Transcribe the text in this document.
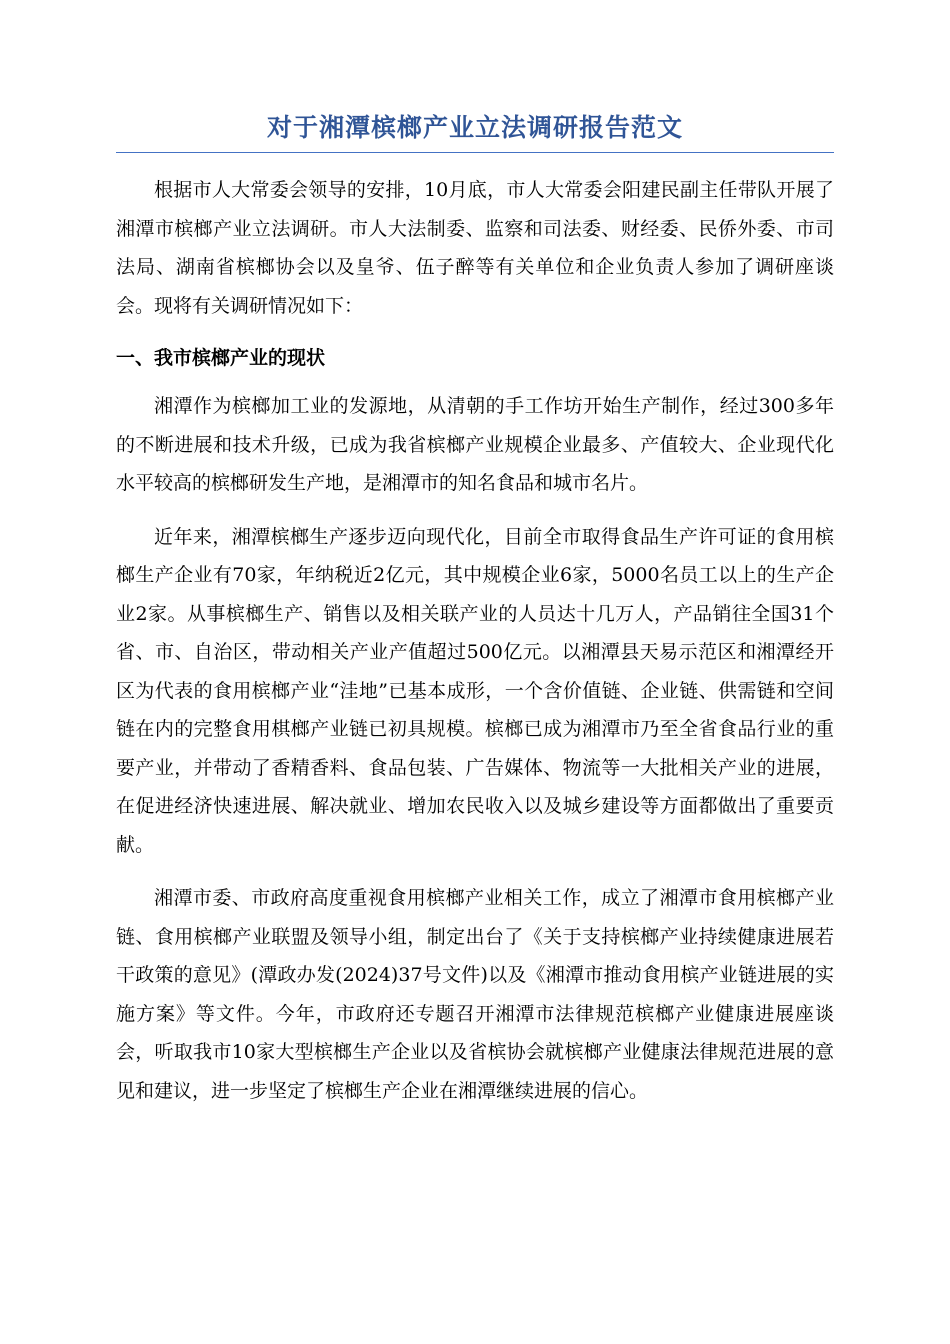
对于湘潭槟榔产业立法调研报告范文

根据市人大常委会领导的安排，10月底，市人大常委会阳建民副主任带队开展了湘潭市槟榔产业立法调研。市人大法制委、监察和司法委、财经委、民侨外委、市司法局、湖南省槟榔协会以及皇爷、伍子醉等有关单位和企业负责人参加了调研座谈会。现将有关调研情况如下：

一、我市槟榔产业的现状

湘潭作为槟榔加工业的发源地，从清朝的手工作坊开始生产制作，经过300多年的不断进展和技术升级，已成为我省槟榔产业规模企业最多、产值较大、企业现代化水平较高的槟榔研发生产地，是湘潭市的知名食品和城市名片。

近年来，湘潭槟榔生产逐步迈向现代化，目前全市取得食品生产许可证的食用槟榔生产企业有70家，年纳税近2亿元，其中规模企业6家，5000名员工以上的生产企业2家。从事槟榔生产、销售以及相关联产业的人员达十几万人，产品销往全国31个省、市、自治区，带动相关产业产值超过500亿元。以湘潭县天易示范区和湘潭经开区为代表的食用槟榔产业“洼地”已基本成形，一个含价值链、企业链、供需链和空间链在内的完整食用棋榔产业链已初具规模。槟榔已成为湘潭市乃至全省食品行业的重要产业，并带动了香精香料、食品包装、广告媒体、物流等一大批相关产业的进展，在促进经济快速进展、解决就业、增加农民收入以及城乡建设等方面都做出了重要贡献。

湘潭市委、市政府高度重视食用槟榔产业相关工作，成立了湘潭市食用槟榔产业链、食用槟榔产业联盟及领导小组，制定出台了《关于支持槟榔产业持续健康进展若干政策的意见》(潭政办发(2024)37号文件)以及《湘潭市推动食用槟产业链进展的实施方案》等文件。今年，市政府还专题召开湘潭市法律规范槟榔产业健康进展座谈会，听取我市10家大型槟榔生产企业以及省槟协会就槟榔产业健康法律规范进展的意见和建议，进一步坚定了槟榔生产企业在湘潭继续进展的信心。
